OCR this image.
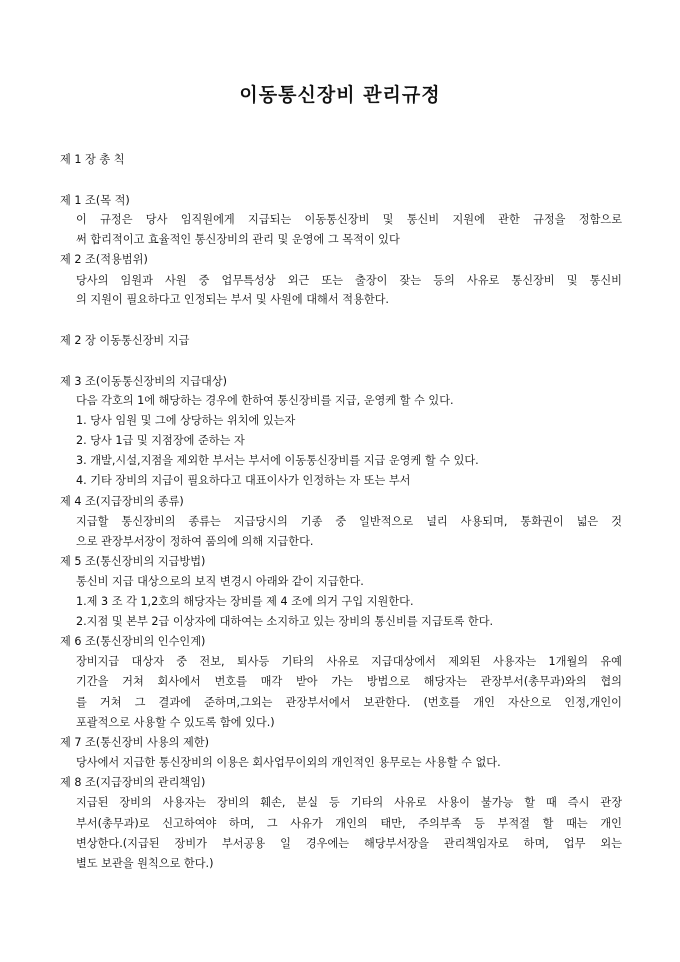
이동통신장비 관리규정
제 1 장 총 칙
제 1 조(목 적)
이 규정은 당사 임직원에게 지급되는 이동통신장비 및 통신비 지원에 관한 규정을 정함으로
써 합리적이고 효율적인 통신장비의 관리 및 운영에 그 목적이 있다
제 2 조(적용범위)
당사의 임원과 사원 중 업무특성상 외근 또는 출장이 잦는 등의 사유로 통신장비 및 통신비
의 지원이 필요하다고 인정되는 부서 및 사원에 대해서 적용한다.
제 2 장 이동통신장비 지급
제 3 조(이동통신장비의 지급대상)
다음 각호의 1에 해당하는 경우에 한하여 통신장비를 지급, 운영케 할 수 있다.
1. 당사 임원 및 그에 상당하는 위치에 있는자
2. 당사 1급 및 지점장에 준하는 자
3. 개발,시설,지점을 제외한 부서는 부서에 이동통신장비를 지급 운영케 할 수 있다.
4. 기타 장비의 지급이 필요하다고 대표이사가 인정하는 자 또는 부서
제 4 조(지급장비의 종류)
지급할 통신장비의 종류는 지급당시의 기종 중 일반적으로 널리 사용되며, 통화권이 넓은 것
으로 관장부서장이 정하여 품의에 의해 지급한다.
제 5 조(통신장비의 지급방법)
통신비 지급 대상으로의 보직 변경시 아래와 같이 지급한다.
1.제 3 조 각 1,2호의 해당자는 장비를 제 4 조에 의거 구입 지원한다.
2.지점 및 본부 2급 이상자에 대하여는 소지하고 있는 장비의 통신비를 지급토록 한다.
제 6 조(통신장비의 인수인계)
장비지급 대상자 중 전보, 퇴사등 기타의 사유로 지급대상에서 제외된 사용자는 1개월의 유예
기간을 거쳐 회사에서 번호를 매각 받아 가는 방법으로 해당자는 관장부서(총무과)와의 협의
를 거쳐 그 결과에 준하며,그외는 관장부서에서 보관한다. (번호를 개인 자산으로 인정,개인이
포괄적으로 사용할 수 있도록 함에 있다.)
제 7 조(통신장비 사용의 제한)
당사에서 지급한 통신장비의 이용은 회사업무이외의 개인적인 용무로는 사용할 수 없다.
제 8 조(지급장비의 관리책임)
지급된 장비의 사용자는 장비의 훼손, 분실 등 기타의 사유로 사용이 불가능 할 때 즉시 관장
부서(총무과)로 신고하여야 하며, 그 사유가 개인의 태만, 주의부족 등 부적절 할 때는 개인
변상한다.(지급된 장비가 부서공용 일 경우에는 해당부서장을 관리책임자로 하며, 업무 외는
별도 보관을 원칙으로 한다.)
